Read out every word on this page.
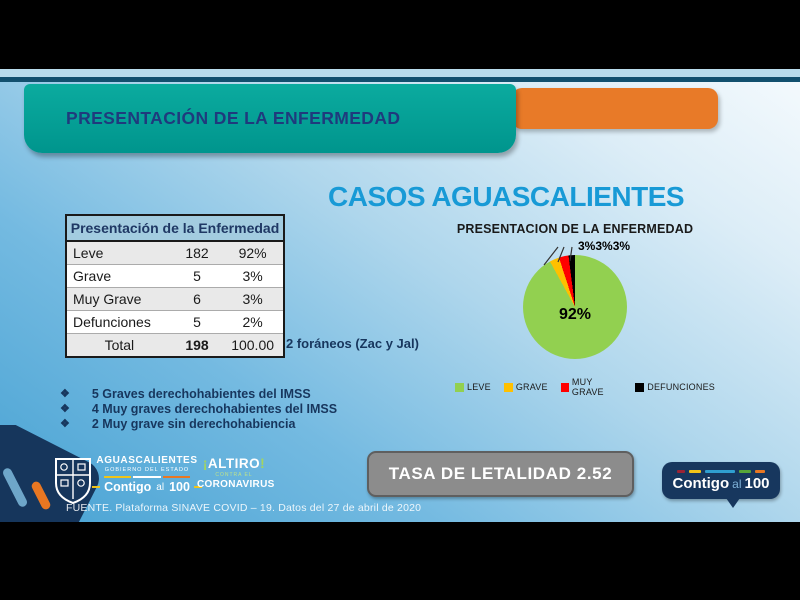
PRESENTACIÓN DE LA ENFERMEDAD
Presentación de la Enfermedad		
Leve	182	92%
Grave	5	3%
Muy Grave	6	3%
Defunciones	5	2%
Total	198	100.00 2 foráneos (Zac y Jal)
CASOS AGUASCALIENTES
PRESENTACION DE LA ENFERMEDAD
3%3%3%
92%
LEVE	GRAVE	MUY GRAVE	DEFUNCIONES
❖ 5 Graves derechohabientes del IMSS
❖ 4 Muy graves derechohabientes del IMSS
❖ 2 Muy grave sin derechohabiencia
TASA DE LETALIDAD 2.52
AGUASCALIENTES
GOBIERNO DEL ESTADO
Contigo al 100
¡ALTIRO!
CONTRA EL
CORONAVIRUS	Contigo al 100
FUENTE. Plataforma SINAVE COVID – 19. Datos del 27 de abril de 2020
